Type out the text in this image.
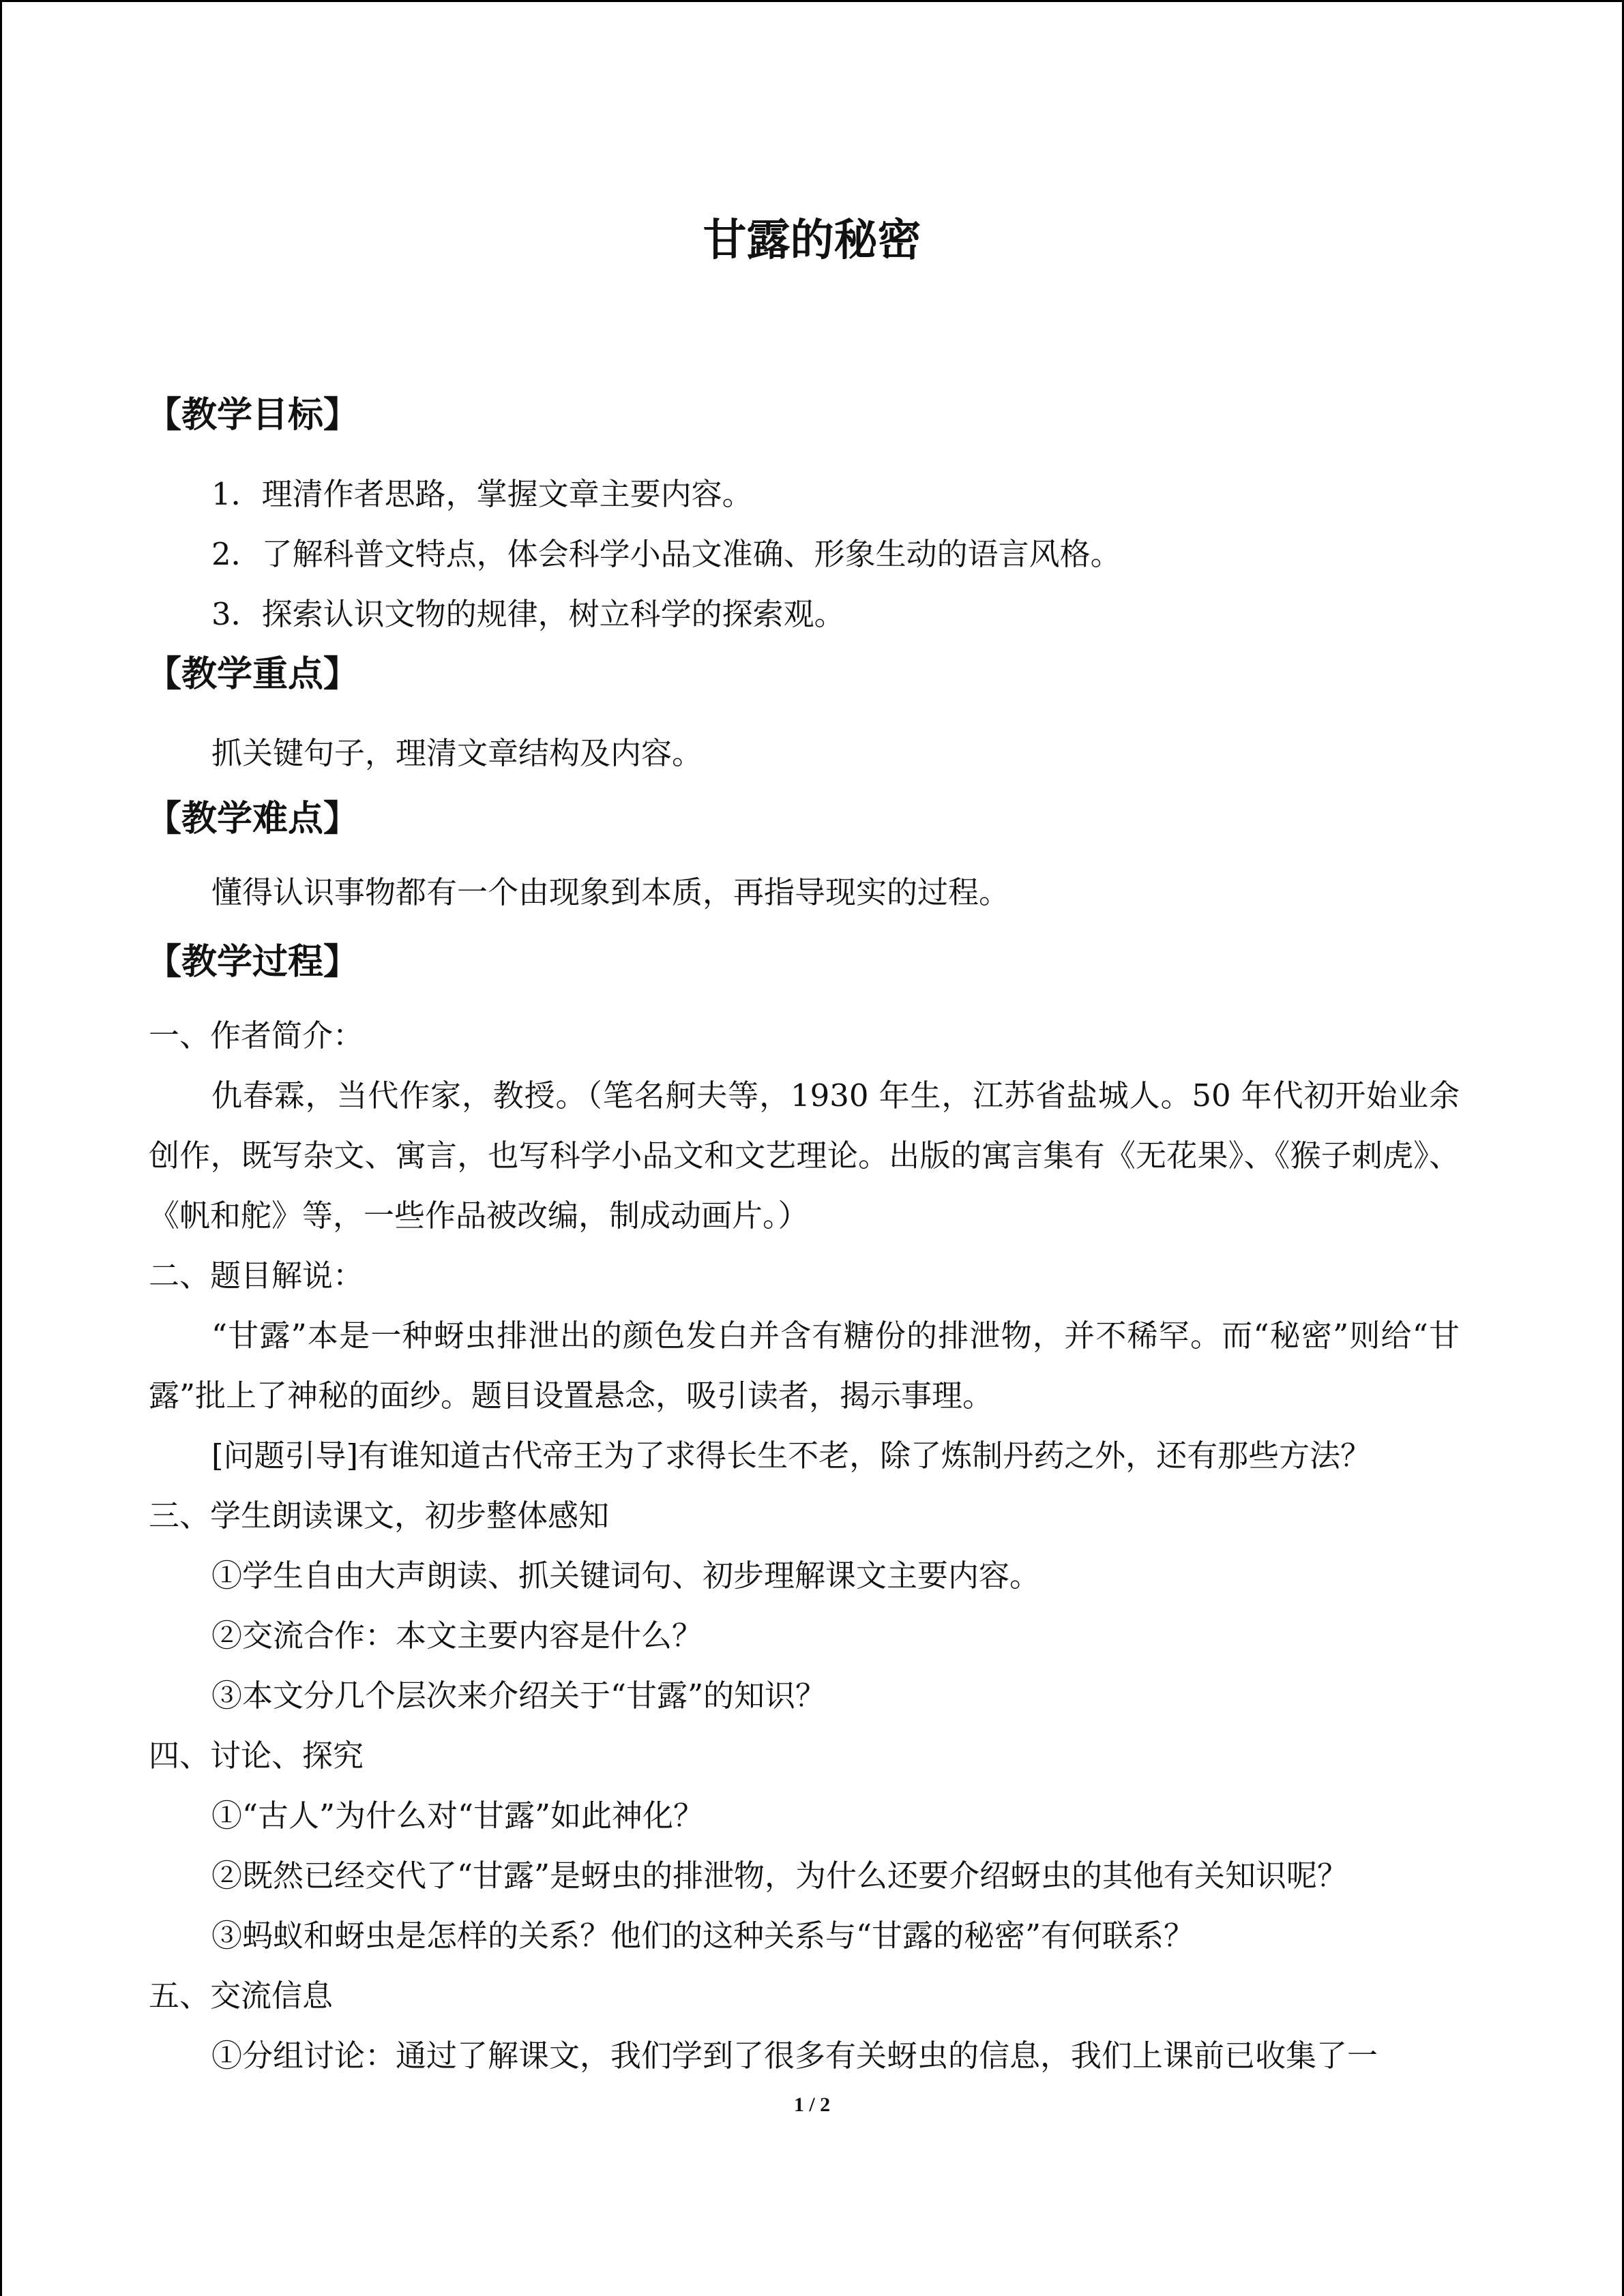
甘露的秘密
【教学目标】
1．理清作者思路，掌握文章主要内容。
2．了解科普文特点，体会科学小品文准确、形象生动的语言风格。
3．探索认识文物的规律，树立科学的探索观。
【教学重点】
抓关键句子，理清文章结构及内容。
【教学难点】
懂得认识事物都有一个由现象到本质，再指导现实的过程。
【教学过程】
一、作者简介：
仇春霖，当代作家，教授。（笔名舸夫等，1930 年生，江苏省盐城人。50 年代初开始业余创作，既写杂文、寓言，也写科学小品文和文艺理论。出版的寓言集有《无花果》、《猴子刺虎》、《帆和舵》等，一些作品被改编，制成动画片。）
二、题目解说：
“甘露”本是一种蚜虫排泄出的颜色发白并含有糖份的排泄物，并不稀罕。而“秘密”则给“甘露”批上了神秘的面纱。题目设置悬念，吸引读者，揭示事理。
[问题引导]有谁知道古代帝王为了求得长生不老，除了炼制丹药之外，还有那些方法？
三、学生朗读课文，初步整体感知
①学生自由大声朗读、抓关键词句、初步理解课文主要内容。
②交流合作：本文主要内容是什么？
③本文分几个层次来介绍关于“甘露”的知识？
四、讨论、探究
①“古人”为什么对“甘露”如此神化？
②既然已经交代了“甘露”是蚜虫的排泄物，为什么还要介绍蚜虫的其他有关知识呢？
③蚂蚁和蚜虫是怎样的关系？他们的这种关系与“甘露的秘密”有何联系？
五、交流信息
①分组讨论：通过了解课文，我们学到了很多有关蚜虫的信息，我们上课前已收集了一
1 / 2
